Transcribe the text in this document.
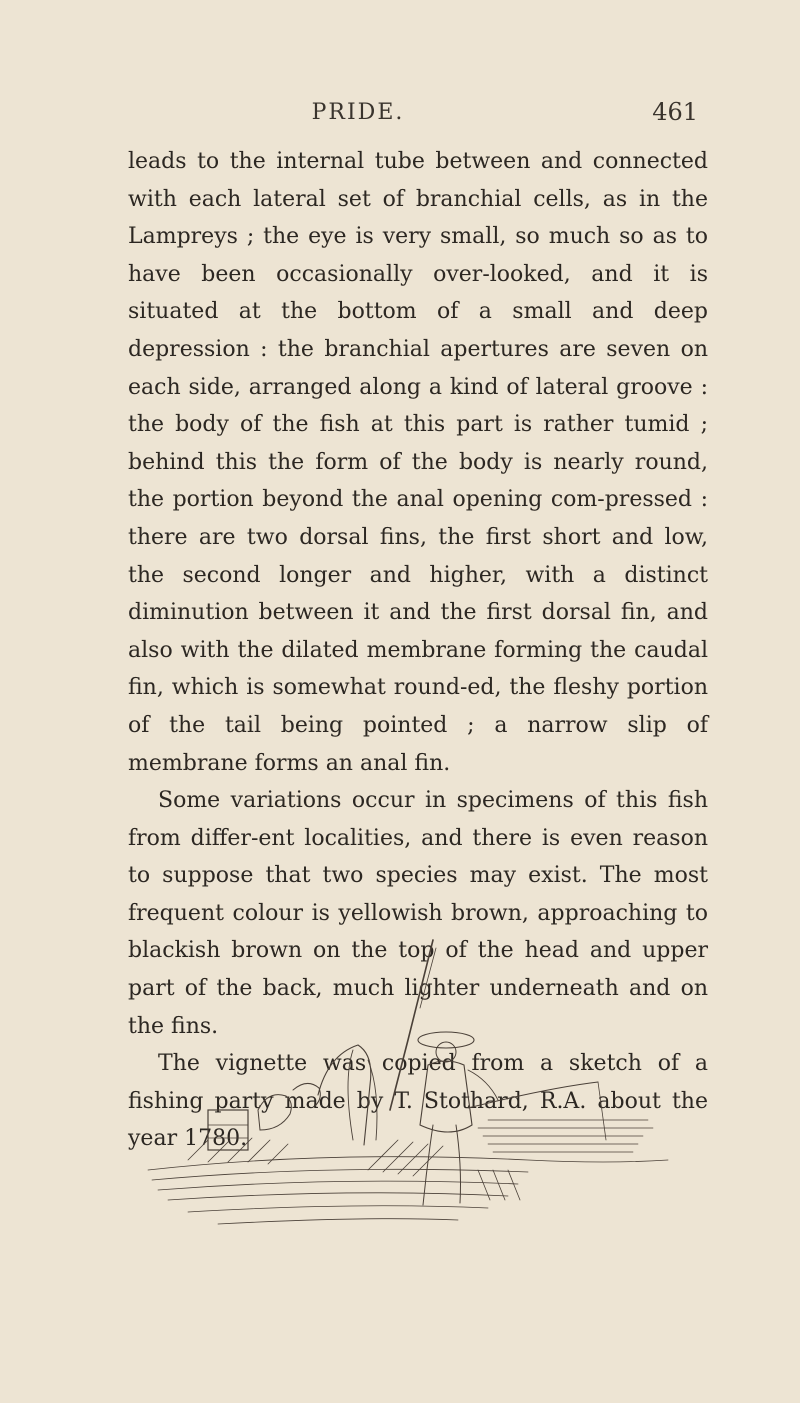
PRIDE.	461

leads to the internal tube between and connected with each lateral set of branchial cells, as in the Lampreys ; the eye is very small, so much so as to have been occasionally over-looked, and it is situated at the bottom of a small and deep depression : the branchial apertures are seven on each side, arranged along a kind of lateral groove : the body of the fish at this part is rather tumid ; behind this the form of the body is nearly round, the portion beyond the anal opening com-pressed : there are two dorsal fins, the first short and low, the second longer and higher, with a distinct diminution between it and the first dorsal fin, and also with the dilated membrane forming the caudal fin, which is somewhat round-ed, the fleshy portion of the tail being pointed ; a narrow slip of membrane forms an anal fin.

Some variations occur in specimens of this fish from differ-ent localities, and there is even reason to suppose that two species may exist. The most frequent colour is yellowish brown, approaching to blackish brown on the top of the head and upper part of the back, much lighter underneath and on the fins.

The vignette was copied from a sketch of a fishing party made by T. Stothard, R.A. about the year 1780.
